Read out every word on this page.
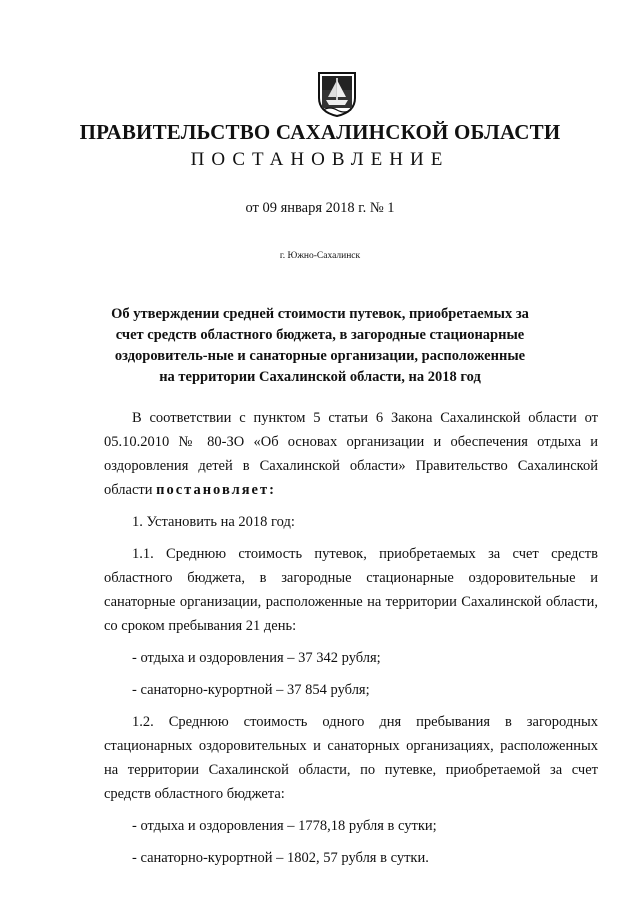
ПРАВИТЕЛЬСТВО САХАЛИНСКОЙ ОБЛАСТИ
ПОСТАНОВЛЕНИЕ
от 09 января 2018 г. № 1
г. Южно-Сахалинск
Об утверждении средней стоимости путевок, приобретаемых за счет средств областного бюджета, в загородные стационарные оздоровитель-ные и санаторные организации, расположенные на территории Сахалинской области, на 2018 год

В соответствии с пунктом 5 статьи 6 Закона Сахалинской области от 05.10.2010 № 80-ЗО «Об основах организации и обеспечения отдыха и оздоровления детей в Сахалинской области» Правительство Сахалинской области постановляет:

1. Установить на 2018 год:

1.1. Среднюю стоимость путевок, приобретаемых за счет средств областного бюджета, в загородные стационарные оздоровительные и санаторные организации, расположенные на территории Сахалинской области, со сроком пребывания 21 день:

- отдыха и оздоровления – 37 342 рубля;

- санаторно-курортной – 37 854 рубля;

1.2. Среднюю стоимость одного дня пребывания в загородных стационарных оздоровительных и санаторных организациях, расположенных на территории Сахалинской области, по путевке, приобретаемой за счет средств областного бюджета:

- отдыха и оздоровления – 1778,18 рубля в сутки;

- санаторно-курортной – 1802, 57 рубля в сутки.
